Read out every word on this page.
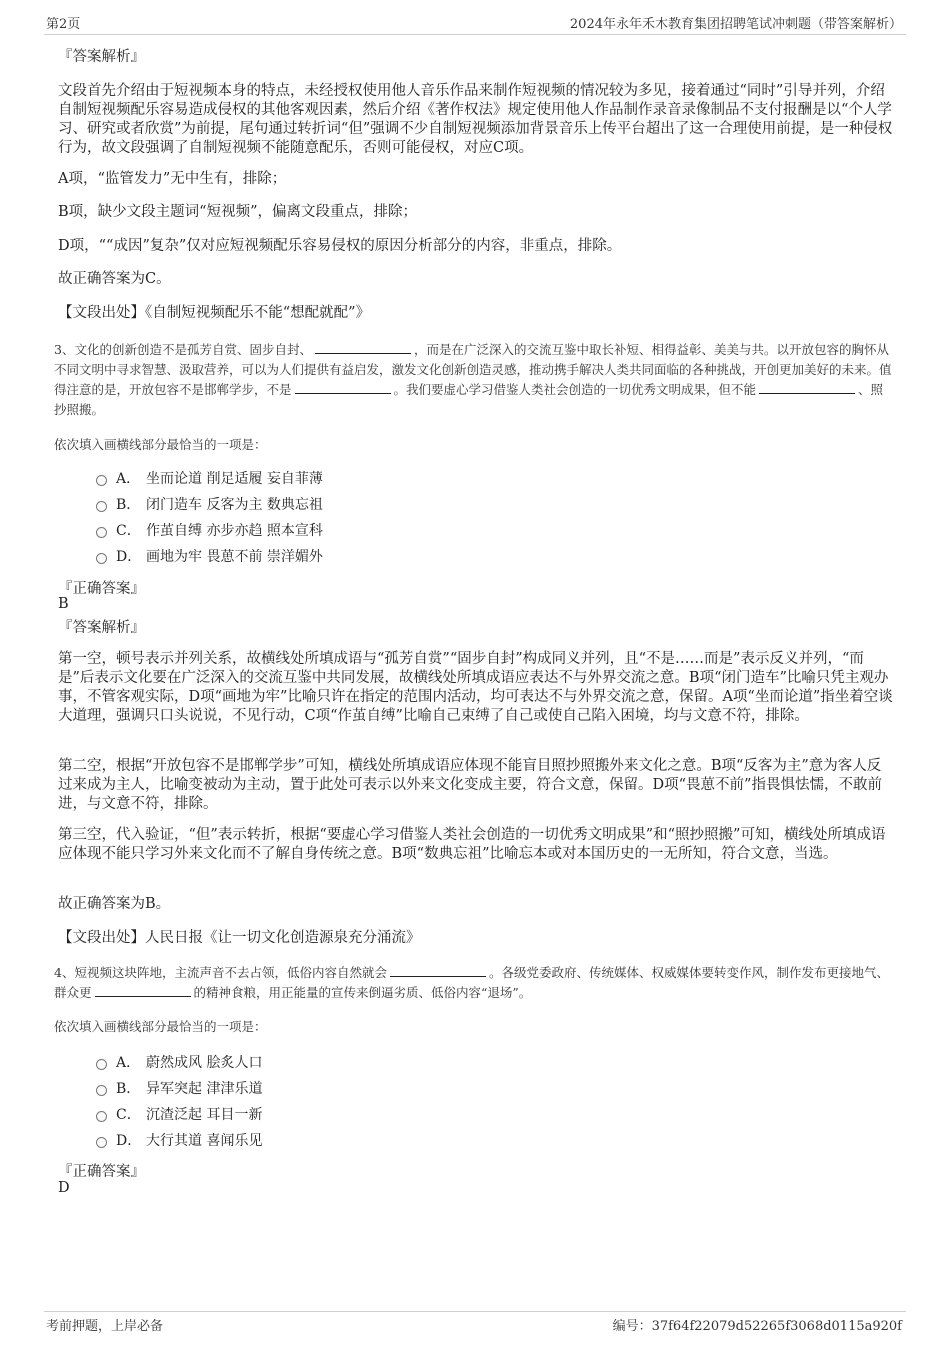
第2页	2024年永年禾木教育集团招聘笔试冲刺题（带答案解析）
『答案解析』
文段首先介绍由于短视频本身的特点，未经授权使用他人音乐作品来制作短视频的情况较为多见，接着通过“同时”引导并列，介绍自制短视频配乐容易造成侵权的其他客观因素，然后介绍《著作权法》规定使用他人作品制作录音录像制品不支付报酬是以“个人学习、研究或者欣赏”为前提，尾句通过转折词“但”强调不少自制短视频添加背景音乐上传平台超出了这一合理使用前提，是一种侵权行为，故文段强调了自制短视频不能随意配乐，否则可能侵权，对应C项。
A项，“监管发力”无中生有，排除；
B项，缺少文段主题词“短视频”，偏离文段重点，排除；
D项，““成因”复杂”仅对应短视频配乐容易侵权的原因分析部分的内容，非重点，排除。
故正确答案为C。
【文段出处】《自制短视频配乐不能“想配就配”》
3、文化的创新创造不是孤芳自赏、固步自封、	，而是在广泛深入的交流互鉴中取长补短、相得益彰、美美与共。以开放包容的胸怀从不同文明中寻求智慧、汲取营养，可以为人们提供有益启发，激发文化创新创造灵感，推动携手解决人类共同面临的各种挑战，开创更加美好的未来。值得注意的是，开放包容不是邯郸学步，不是	。我们要虚心学习借鉴人类社会创造的一切优秀文明成果，但不能	、照抄照搬。
依次填入画横线部分最恰当的一项是：
A． 坐而论道 削足适履 妄自菲薄
B． 闭门造车 反客为主 数典忘祖
C． 作茧自缚 亦步亦趋 照本宣科
D． 画地为牢 畏葸不前 崇洋媚外
『正确答案』
B
『答案解析』
第一空，顿号表示并列关系，故横线处所填成语与“孤芳自赏”“固步自封”构成同义并列，且“不是……而是”表示反义并列，“而是”后表示文化要在广泛深入的交流互鉴中共同发展，故横线处所填成语应表达不与外界交流之意。B项“闭门造车”比喻只凭主观办事，不管客观实际，D项“画地为牢”比喻只许在指定的范围内活动，均可表达不与外界交流之意，保留。A项“坐而论道”指坐着空谈大道理，强调只口头说说，不见行动，C项“作茧自缚”比喻自己束缚了自己或使自己陷入困境，均与文意不符，排除。
第二空，根据“开放包容不是邯郸学步”可知，横线处所填成语应体现不能盲目照抄照搬外来文化之意。B项“反客为主”意为客人反过来成为主人，比喻变被动为主动，置于此处可表示以外来文化变成主要，符合文意，保留。D项“畏葸不前”指畏惧怯懦，不敢前进，与文意不符，排除。
第三空，代入验证，“但”表示转折，根据“要虚心学习借鉴人类社会创造的一切优秀文明成果”和“照抄照搬”可知，横线处所填成语应体现不能只学习外来文化而不了解自身传统之意。B项“数典忘祖”比喻忘本或对本国历史的一无所知，符合文意，当选。
故正确答案为B。
【文段出处】人民日报《让一切文化创造源泉充分涌流》
4、短视频这块阵地，主流声音不去占领，低俗内容自然就会	。各级党委政府、传统媒体、权威媒体要转变作风，制作发布更接地气、群众更	的精神食粮，用正能量的宣传来倒逼劣质、低俗内容“退场”。
依次填入画横线部分最恰当的一项是：
A． 蔚然成风 脍炙人口
B． 异军突起 津津乐道
C． 沉渣泛起 耳目一新
D． 大行其道 喜闻乐见
『正确答案』
D
考前押题，上岸必备	编号：37f64f22079d52265f3068d0115a920f
